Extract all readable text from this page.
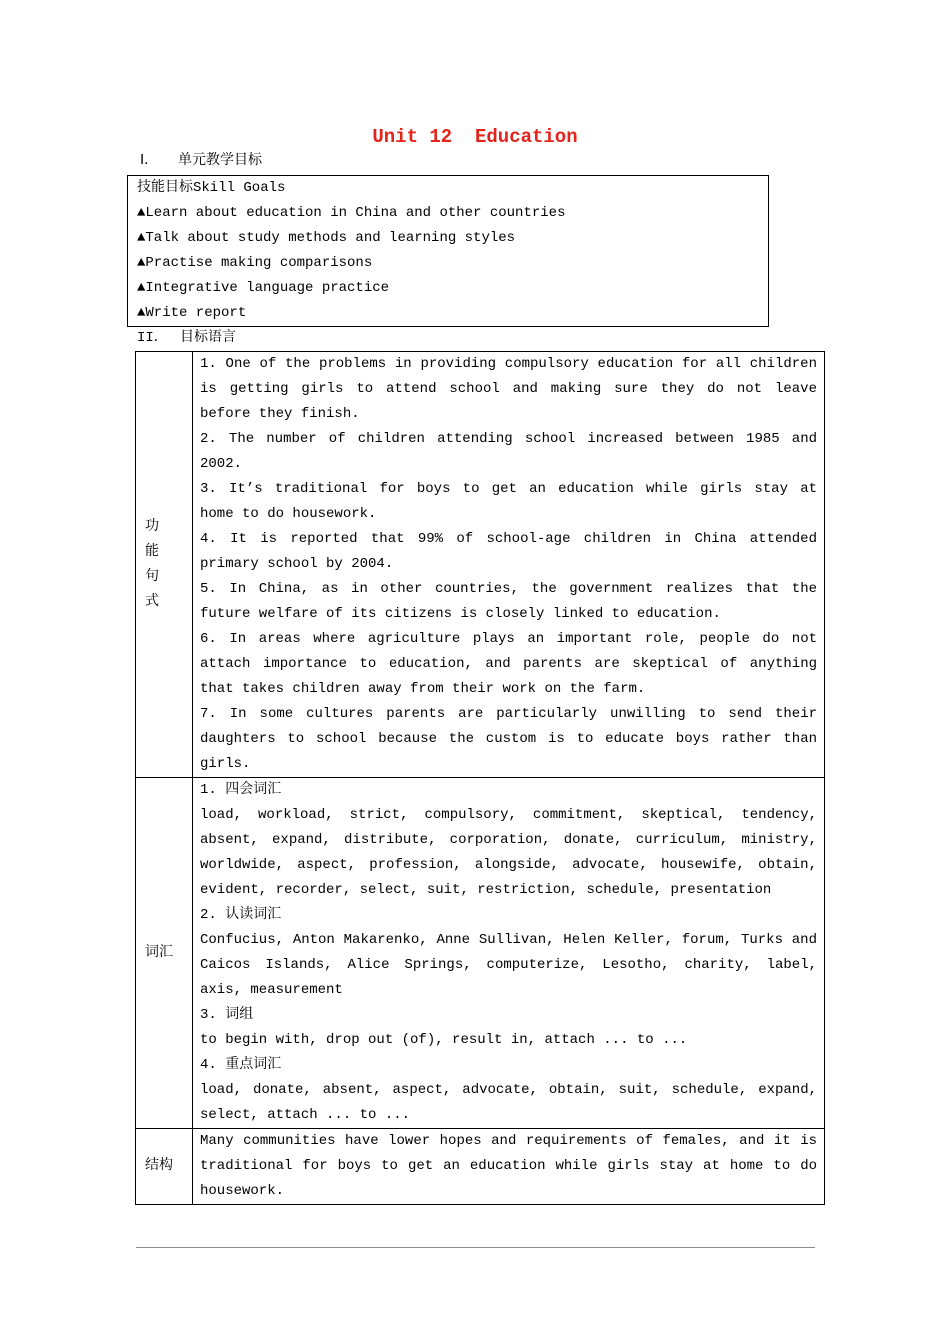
Unit 12  Education
Ⅰ． 单元教学目标
技能目标Skill Goals
▲Learn about education in China and other countries
▲Talk about study methods and learning styles
▲Practise making comparisons
▲Integrative language practice
▲Write report
II． 目标语言
功能句式
1. One of the problems in providing compulsory education for all children
is getting girls to attend school and making sure they do not leave
before they finish.
2. The number of children attending school increased between 1985 and
2002.
3. It’s traditional for boys to get an education while girls stay at
home to do housework.
4. It is reported that 99% of school-age children in China attended
primary school by 2004.
5. In China, as in other countries, the government realizes that the
future welfare of its citizens is closely linked to education.
6. In areas where agriculture plays an important role, people do not
attach importance to education, and parents are skeptical of anything
that takes children away from their work on the farm.
7. In some cultures parents are particularly unwilling to send their
daughters to school because the custom is to educate boys rather than
girls.
词汇
1. 四会词汇
load, workload, strict, compulsory, commitment, skeptical, tendency,
absent, expand, distribute, corporation, donate, curriculum, ministry,
worldwide, aspect, profession, alongside, advocate, housewife, obtain,
evident, recorder, select, suit, restriction, schedule, presentation
2. 认读词汇
Confucius, Anton Makarenko, Anne Sullivan, Helen Keller, forum, Turks and
Caicos Islands, Alice Springs, computerize, Lesotho, charity, label,
axis, measurement
3. 词组
to begin with, drop out (of), result in, attach ... to ...
4. 重点词汇
load, donate, absent, aspect, advocate, obtain, suit, schedule, expand,
select, attach ... to ...
结构
Many communities have lower hopes and requirements of females, and it is
traditional for boys to get an education while girls stay at home to do
housework.
